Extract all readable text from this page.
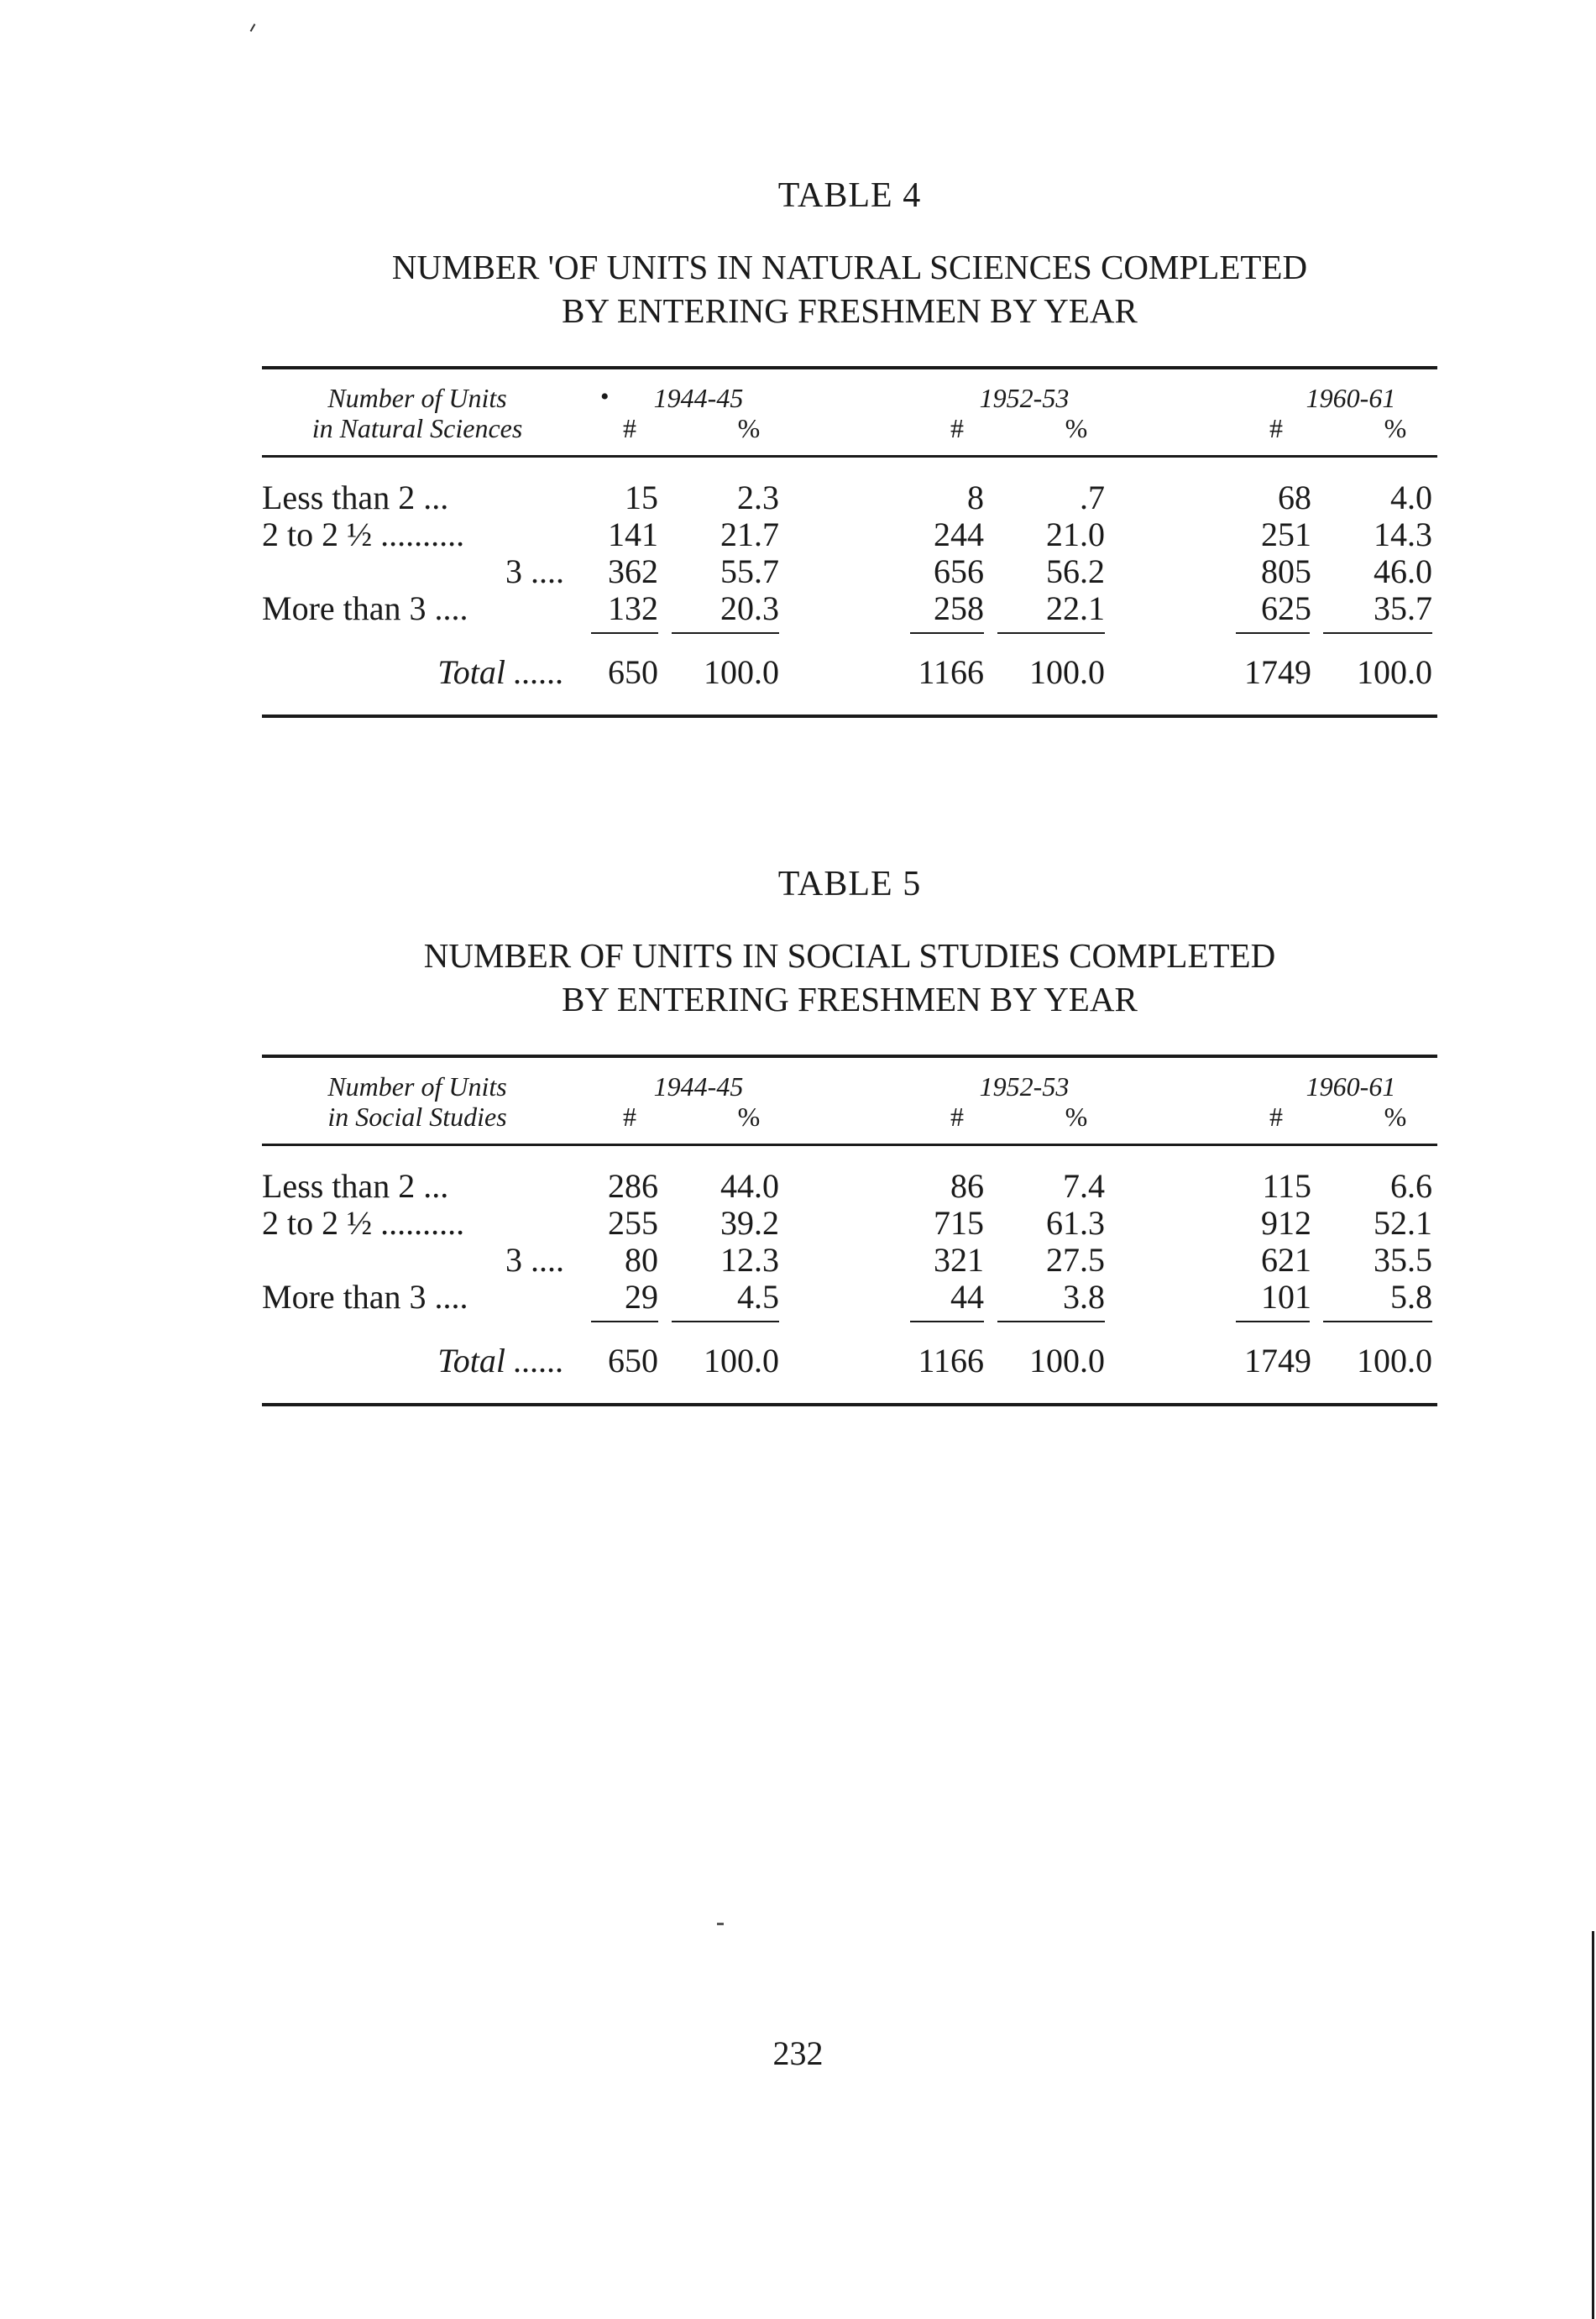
TABLE 4
NUMBER 'OF UNITS IN NATURAL SCIENCES COMPLETED
BY ENTERING FRESHMEN BY YEAR
Number of Units
in Natural Sciences
•	1944-45	1952-53	1960-61
#	%	#	%	#	%
Less than 2 ...	15	2.3	8	.7	68	4.0
2 to 2 ½ ..........	141	21.7	244	21.0	251	14.3
3 ....	362	55.7	656	56.2	805	46.0
More than 3 ....	132	20.3	258	22.1	625	35.7
Total ......	650 100.0	1166 100.0	1749 100.0
TABLE 5
NUMBER OF UNITS IN SOCIAL STUDIES COMPLETED
BY ENTERING FRESHMEN BY YEAR
Number of Units
in Social Studies
1944-45	1952-53	1960-61
#	%	#	%	#	%
Less than 2 ...	286	44.0	86	7.4	115	6.6
2 to 2 ½ ..........	255	39.2	715	61.3	912	52.1
3 ....	80	12.3	321	27.5	621	35.5
More than 3 ....	29	4.5	44	3.8	101	5.8
Total ......	650 100.0	1166 100.0	1749 100.0
232
